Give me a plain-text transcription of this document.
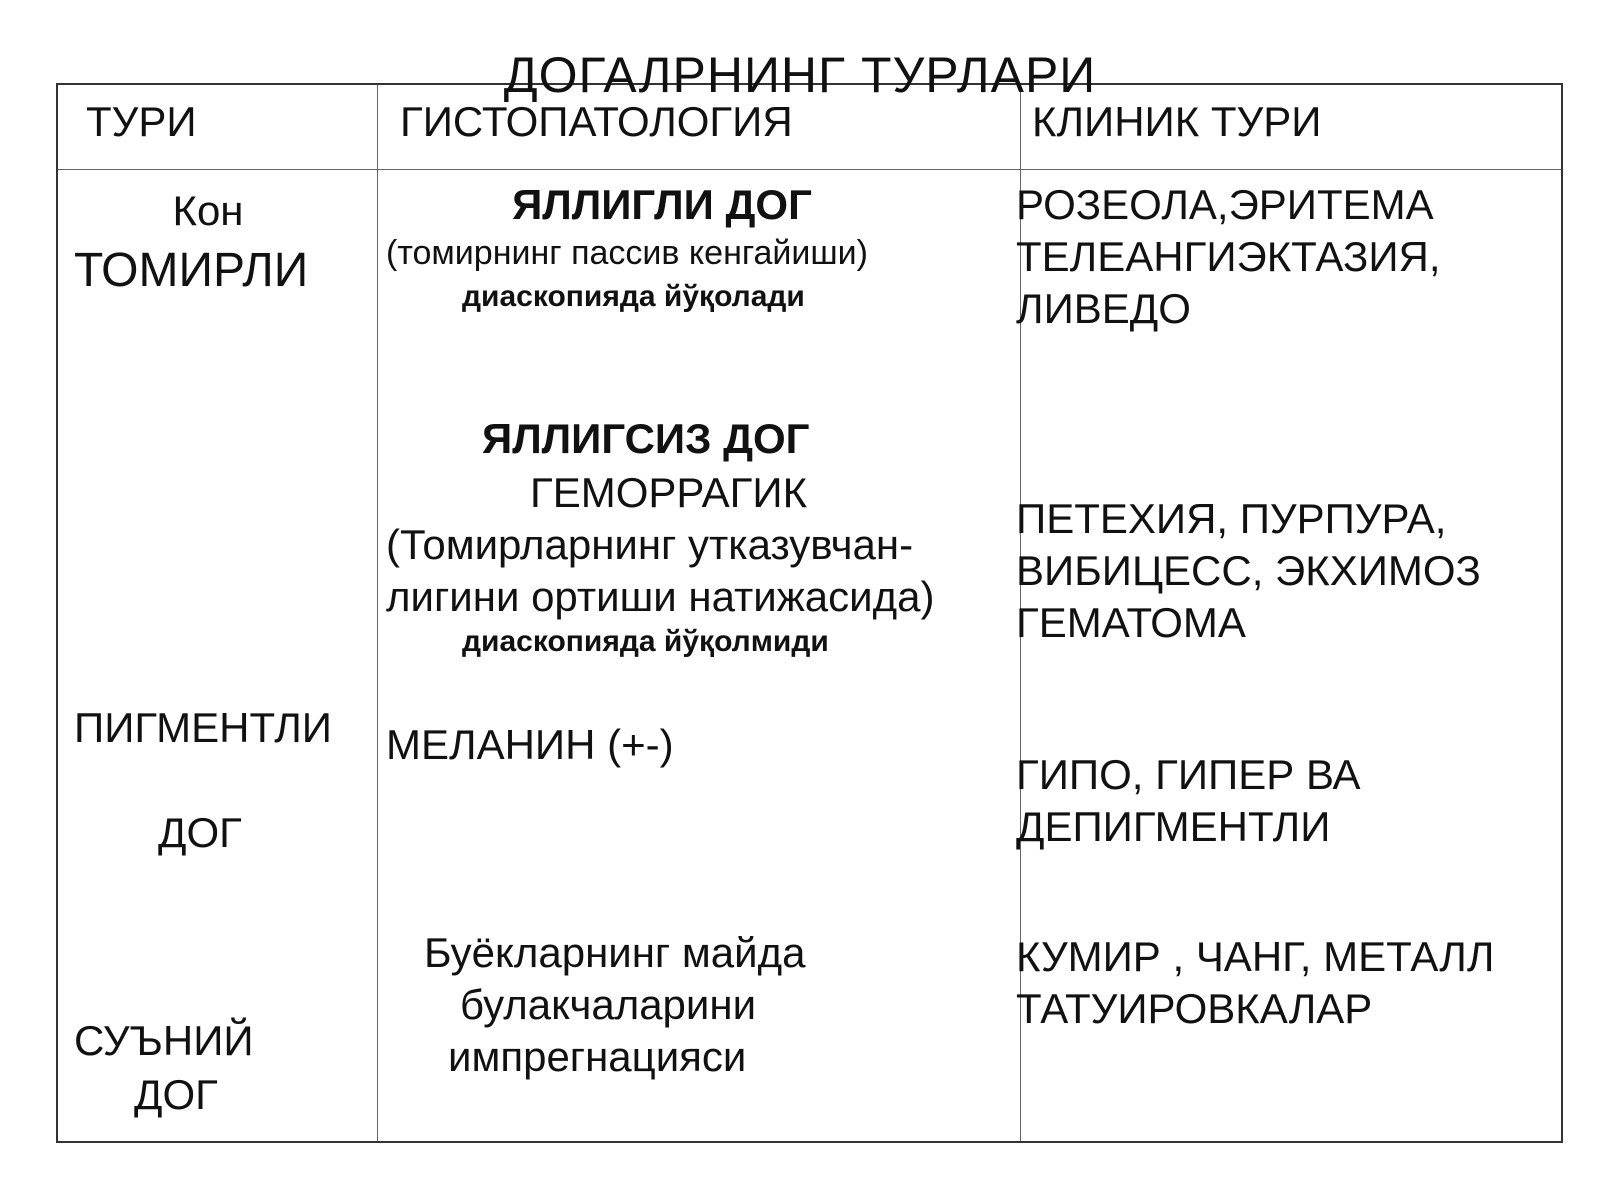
ДОГАЛРНИНГ ТУРЛАРИ
ТУРИ	ГИСТОПАТОЛОГИЯ	КЛИНИК ТУРИ
Кон
ТОМИРЛИ
ПИГМЕНТЛИ
ДОГ
СУЪНИЙ
ДОГ
ЯЛЛИГЛИ ДОГ
(томирнинг пассив кенгайиши)
диаскопияда йўқолади
ЯЛЛИГСИЗ ДОГ
ГЕМОРРАГИК
(Томирларнинг утказувчан-
лигини ортиши натижасида)
диаскопияда йўқолмиди
МЕЛАНИН (+-)
Буёкларнинг майда
булакчаларини
импрегнацияси
РОЗЕОЛА,ЭРИТЕМА
ТЕЛЕАНГИЭКТАЗИЯ,
ЛИВЕДО
ПЕТЕХИЯ, ПУРПУРА,
ВИБИЦЕСС, ЭКХИМОЗ
ГЕМАТОМА
ГИПО, ГИПЕР ВА
ДЕПИГМЕНТЛИ
КУМИР , ЧАНГ, МЕТАЛЛ
ТАТУИРОВКАЛАР
